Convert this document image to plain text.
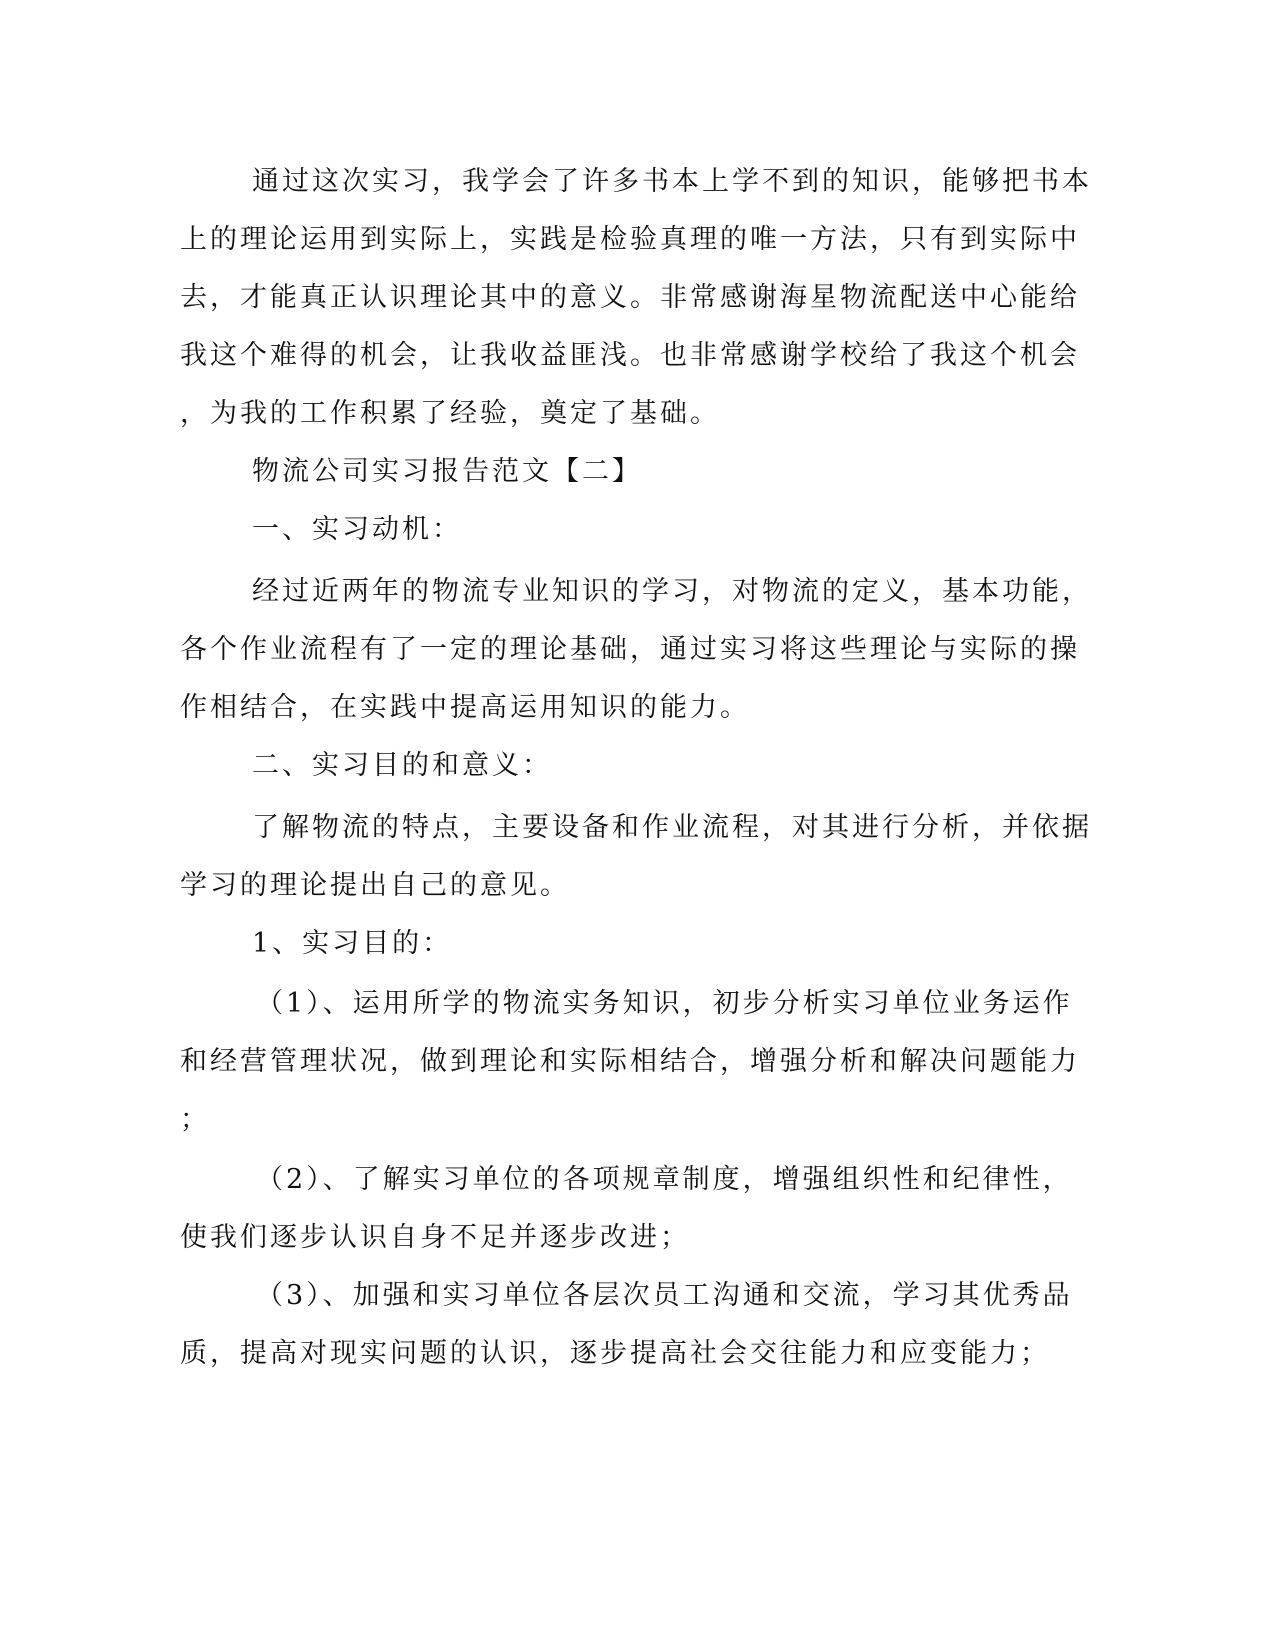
通过这次实习，我学会了许多书本上学不到的知识，能够把书本
上的理论运用到实际上，实践是检验真理的唯一方法，只有到实际中
去，才能真正认识理论其中的意义。非常感谢海星物流配送中心能给
我这个难得的机会，让我收益匪浅。也非常感谢学校给了我这个机会
，为我的工作积累了经验，奠定了基础。
物流公司实习报告范文【二】
一、实习动机：
经过近两年的物流专业知识的学习，对物流的定义，基本功能，
各个作业流程有了一定的理论基础，通过实习将这些理论与实际的操
作相结合，在实践中提高运用知识的能力。
二、实习目的和意义：
了解物流的特点，主要设备和作业流程，对其进行分析，并依据
学习的理论提出自己的意见。
1、实习目的：
（1）、运用所学的物流实务知识，初步分析实习单位业务运作
和经营管理状况，做到理论和实际相结合，增强分析和解决问题能力
；
（2）、了解实习单位的各项规章制度，增强组织性和纪律性，
使我们逐步认识自身不足并逐步改进；
（3）、加强和实习单位各层次员工沟通和交流，学习其优秀品
质，提高对现实问题的认识，逐步提高社会交往能力和应变能力；
